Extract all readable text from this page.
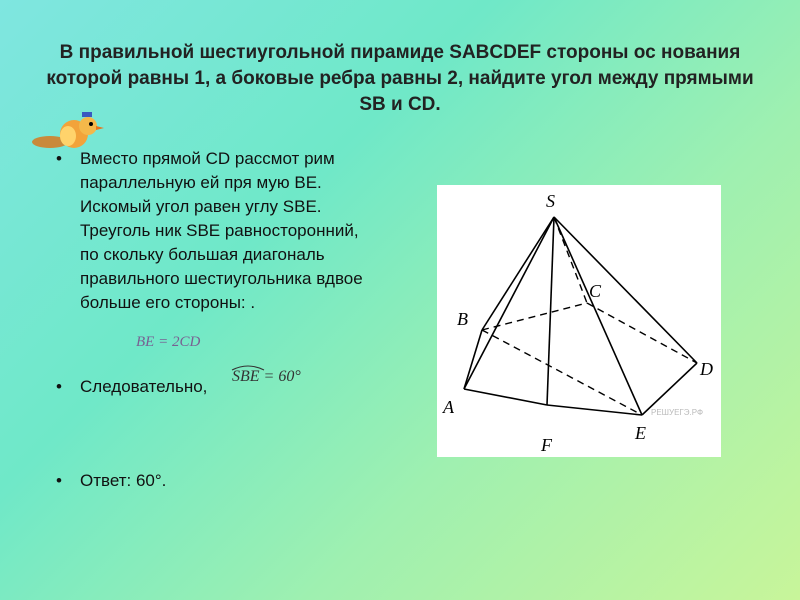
В правильной шестиугольной пирамиде SABCDEF стороны ос нования которой равны 1, а боковые ребра равны 2, найдите угол между прямыми SB и CD.
• Вместо прямой CD рассмот рим параллельную ей пря мую BE. Искомый угол равен углу SBE. Треуголь ник SBE равносторонний, по скольку большая диагональ правильного шестиугольника вдвое больше его стороны: .
• Следовательно,
• Ответ: 60°.
BE = 2CD
SBE = 60°
S
A
B
C
D
E
F
РЕШУЕГЭ.РФ
